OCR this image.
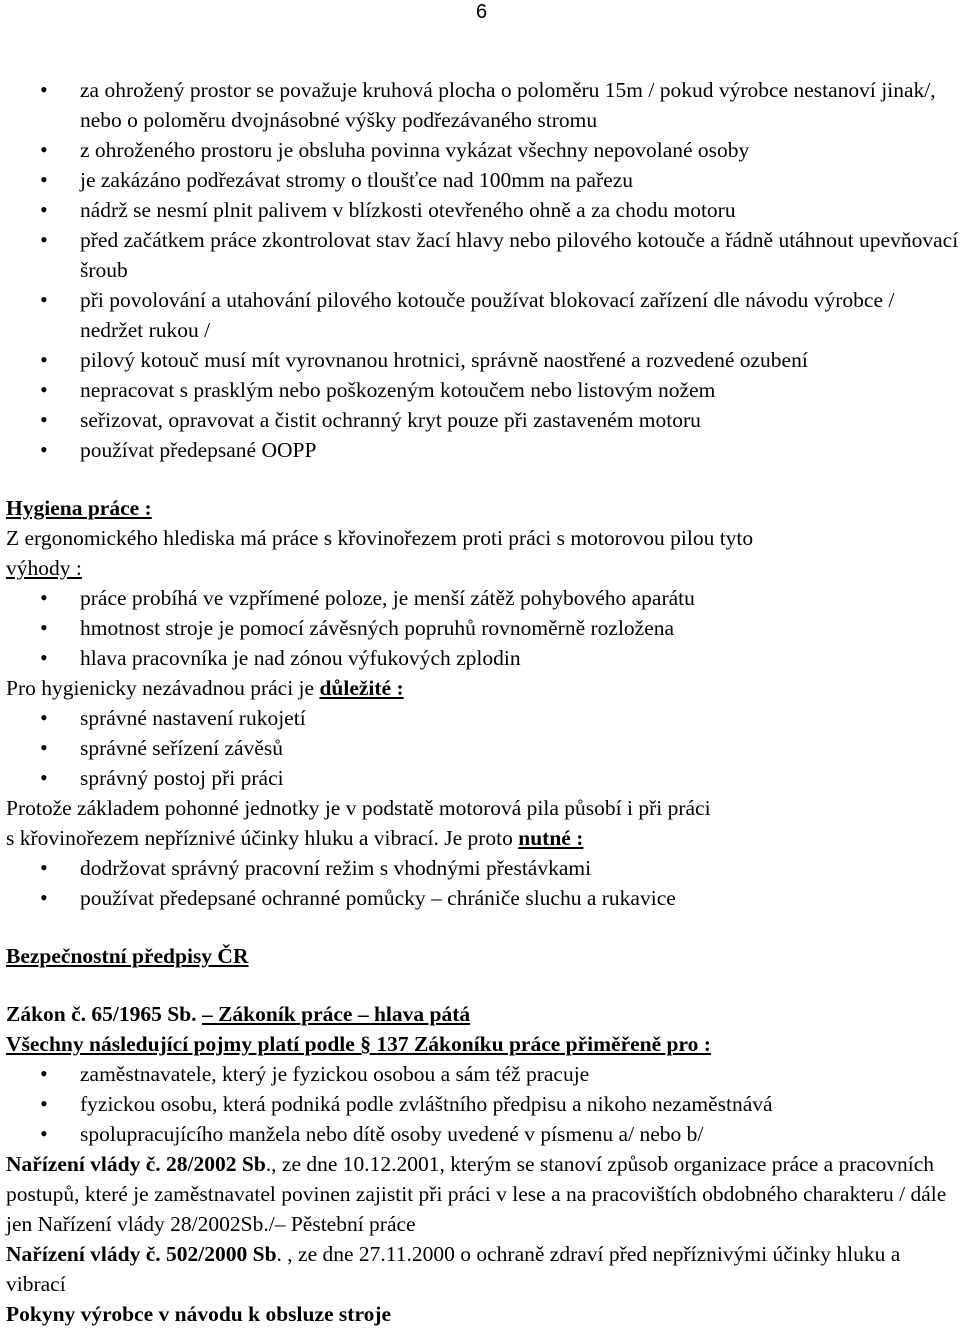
6
• za ohrožený prostor se považuje kruhová plocha o poloměru 15m / pokud výrobce nestanoví jinak/, nebo o poloměru dvojnásobné výšky podřezávaného stromu
• z ohroženého prostoru je obsluha povinna vykázat všechny nepovolané osoby
• je zakázáno podřezávat stromy o tloušťce nad 100mm na pařezu
• nádrž se nesmí plnit palivem v blízkosti otevřeného ohně a za chodu motoru
• před začátkem práce zkontrolovat stav žací hlavy nebo pilového kotouče a řádně utáhnout upevňovací šroub
• při povolování a utahování pilového kotouče používat blokovací zařízení dle návodu výrobce / nedržet rukou /
• pilový kotouč musí mít vyrovnanou hrotnici, správně naostřené a rozvedené ozubení
• nepracovat s prasklým nebo poškozeným kotoučem nebo listovým nožem
• seřizovat, opravovat a čistit ochranný kryt pouze při zastaveném motoru
• používat předepsané OOPP

Hygiena práce :

Z ergonomického hlediska má práce s křovinořezem proti práci s motorovou pilou tyto
výhody :

• práce probíhá ve vzpřímené poloze, je menší zátěž pohybového aparátu
• hmotnost stroje je pomocí závěsných popruhů rovnoměrně rozložena
• hlava pracovníka je nad zónou výfukových zplodin

Pro hygienicky nezávadnou práci je důležité :

• správné nastavení rukojetí
• správné seřízení závěsů
• správný postoj při práci

Protože základem pohonné jednotky je v podstatě motorová pila působí i při práci
s křovinořezem nepříznivé účinky hluku a vibrací. Je proto nutné :

• dodržovat správný pracovní režim s vhodnými přestávkami
• používat předepsané ochranné pomůcky – chrániče sluchu a rukavice

Bezpečnostní předpisy ČR

Zákon č. 65/1965 Sb. – Zákoník práce – hlava pátá

Všechny následující pojmy platí podle § 137 Zákoníku práce přiměřeně pro :

• zaměstnavatele, který je fyzickou osobou a sám též pracuje
• fyzickou osobu, která podniká podle zvláštního předpisu a nikoho nezaměstnává
• spolupracujícího manžela nebo dítě osoby uvedené v písmenu a/ nebo b/

Nařízení vlády č. 28/2002 Sb., ze dne 10.12.2001, kterým se stanoví způsob organizace práce a pracovních postupů, které je zaměstnavatel povinen zajistit při práci v lese a na pracovištích obdobného charakteru / dále jen Nařízení vlády 28/2002Sb./– Pěstební práce

Nařízení vlády č. 502/2000 Sb. , ze dne 27.11.2000 o ochraně zdraví před nepříznivými účinky hluku a vibrací

Pokyny výrobce v návodu k obsluze stroje
